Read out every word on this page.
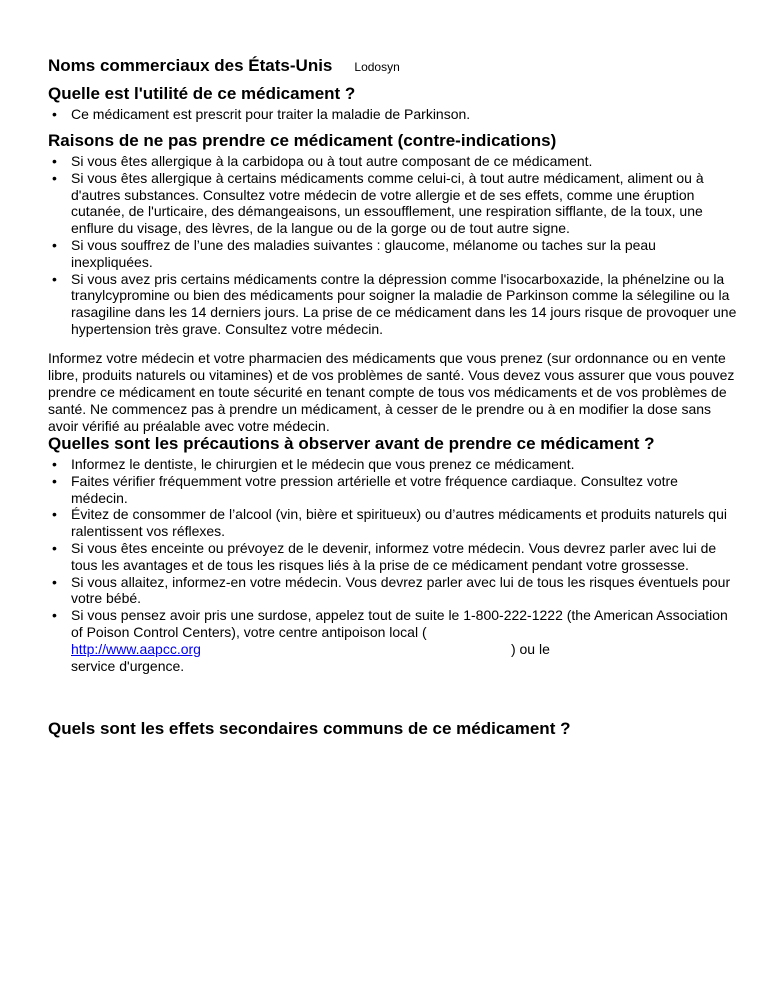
Noms commerciaux des États-Unis Lodosyn
Quelle est l'utilité de ce médicament ?
• Ce médicament est prescrit pour traiter la maladie de Parkinson.
Raisons de ne pas prendre ce médicament (contre-indications)
• Si vous êtes allergique à la carbidopa ou à tout autre composant de ce médicament.
• Si vous êtes allergique à certains médicaments comme celui-ci, à tout autre médicament, aliment ou à d'autres substances. Consultez votre médecin de votre allergie et de ses effets, comme une éruption cutanée, de l'urticaire, des démangeaisons, un essoufflement, une respiration sifflante, de la toux, une enflure du visage, des lèvres, de la langue ou de la gorge ou de tout autre signe.
• Si vous souffrez de l’une des maladies suivantes : glaucome, mélanome ou taches sur la peau inexpliquées.
• Si vous avez pris certains médicaments contre la dépression comme l'isocarboxazide, la phénelzine ou la tranylcypromine ou bien des médicaments pour soigner la maladie de Parkinson comme la sélegiline ou la rasagiline dans les 14 derniers jours. La prise de ce médicament dans les 14 jours risque de provoquer une hypertension très grave. Consultez votre médecin.

Informez votre médecin et votre pharmacien des médicaments que vous prenez (sur ordonnance ou en vente libre, produits naturels ou vitamines) et de vos problèmes de santé. Vous devez vous assurer que vous pouvez prendre ce médicament en toute sécurité en tenant compte de tous vos médicaments et de vos problèmes de santé. Ne commencez pas à prendre un médicament, à cesser de le prendre ou à en modifier la dose sans avoir vérifié au préalable avec votre médecin.

Quelles sont les précautions à observer avant de prendre ce médicament ?
• Informez le dentiste, le chirurgien et le médecin que vous prenez ce médicament.
• Faites vérifier fréquemment votre pression artérielle et votre fréquence cardiaque. Consultez votre médecin.
• Évitez de consommer de l’alcool (vin, bière et spiritueux) ou d’autres médicaments et produits naturels qui ralentissent vos réflexes.
• Si vous êtes enceinte ou prévoyez de le devenir, informez votre médecin. Vous devrez parler avec lui de tous les avantages et de tous les risques liés à la prise de ce médicament pendant votre grossesse.
• Si vous allaitez, informez-en votre médecin. Vous devrez parler avec lui de tous les risques éventuels pour votre bébé.
• Si vous pensez avoir pris une surdose, appelez tout de suite le 1-800-222-1222 (the American Association of Poison Control Centers), votre centre antipoison local (
http://www.aapcc.org	) ou le
service d'urgence.
Quels sont les effets secondaires communs de ce médicament ?
